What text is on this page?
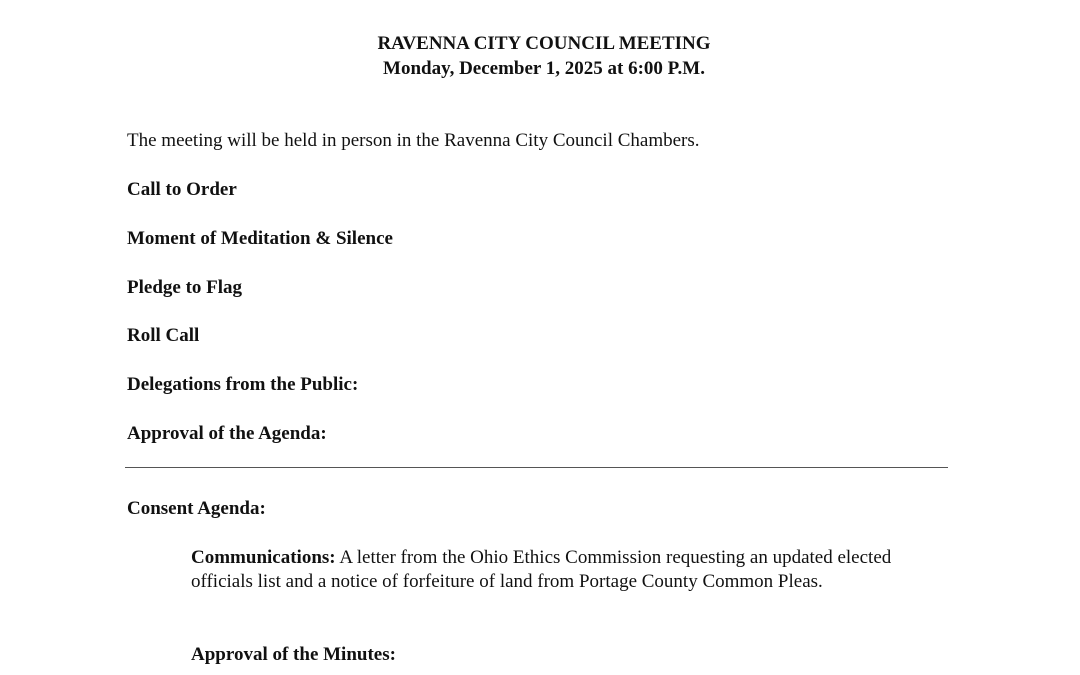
RAVENNA CITY COUNCIL MEETING
Monday, December 1, 2025 at 6:00 P.M.
The meeting will be held in person in the Ravenna City Council Chambers.
Call to Order
Moment of Meditation & Silence
Pledge to Flag
Roll Call
Delegations from the Public:
Approval of the Agenda:
Consent Agenda:
Communications: A letter from the Ohio Ethics Commission requesting an updated elected officials list and a notice of forfeiture of land from Portage County Common Pleas.
Approval of the Minutes:
